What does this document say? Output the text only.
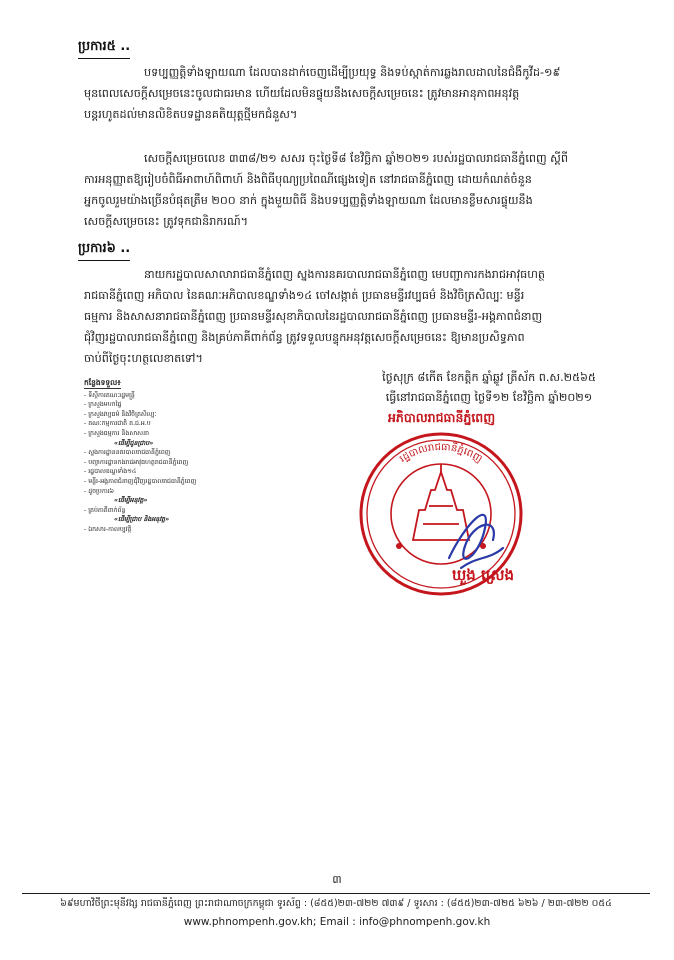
ប្រការ៥ ..
បទប្បញ្ញត្តិទាំងឡាយណា ដែលបានដាក់ចេញដើម្បីប្រយុទ្ធ និងទប់ស្កាត់ការឆ្លងរាលដាលនៃជំងឺកូវីដ-១៩
មុនពេលសេចក្តីសម្រេចនេះចូលជាធរមាន ហើយដែលមិនផ្ទុយនឹងសេចក្តីសម្រេចនេះ ត្រូវមានអានុភាពអនុវត្ត
បន្តរហូតដល់មានលិខិតបទដ្ឋានគតិយុត្តថ្មីមកជំនួស។
សេចក្តីសម្រេចលេខ ៣៣៨/២១ សសរ ចុះថ្ងៃទី៨ ខែវិច្ឆិកា ឆ្នាំ២០២១ របស់រដ្ឋបាលរាជធានីភ្នំពេញ ស្តីពី
ការអនុញ្ញាតឱ្យរៀបចំពិធីអាពាហ៍ពិពាហ៍ និងពិធីបុណ្យប្រពៃណីផ្សេងទៀត នៅរាជធានីភ្នំពេញ ដោយកំណត់ចំនួន
អ្នកចូលរួមយ៉ាងច្រើនបំផុតត្រឹម ២០០ នាក់ ក្នុងមួយពិធី និងបទប្បញ្ញត្តិទាំងឡាយណា ដែលមានខ្លឹមសារផ្ទុយនឹង
សេចក្តីសម្រេចនេះ ត្រូវទុកជានិរាករណ៍។
ប្រការ៦ ..
នាយករដ្ឋបាលសាលារាជធានីភ្នំពេញ ស្នងការនគរបាលរាជធានីភ្នំពេញ មេបញ្ជាការកងរាជអាវុធហត្ថ
រាជធានីភ្នំពេញ អភិបាល នៃគណៈអភិបាលខណ្ឌទាំង១៤ ចៅសង្កាត់ ប្រធានមន្ទីរវប្បធម៌ និងវិចិត្រសិល្បៈ មន្ទីរ
ធម្មការ និងសាសនារាជធានីភ្នំពេញ ប្រធានមន្ទីរសុខាភិបាលនៃរដ្ឋបាលរាជធានីភ្នំពេញ ប្រធានមន្ទីរ-អង្គភាពជំនាញ
ជុំវិញរដ្ឋបាលរាជធានីភ្នំពេញ និងគ្រប់ភាគីពាក់ព័ន្ធ ត្រូវទទួលបន្ទុកអនុវត្តសេចក្តីសម្រេចនេះ ឱ្យមានប្រសិទ្ធភាព
ចាប់ពីថ្ងៃចុះហត្ថលេខាតទៅ។
ថ្ងៃសុក្រ ៨កើត ខែកត្តិក ឆ្នាំឆ្លូវ ត្រីស័ក ព.ស.២៥៦៥
ធ្វើនៅរាជធានីភ្នំពេញ ថ្ងៃទី១២ ខែវិច្ឆិកា ឆ្នាំ២០២១
អភិបាលរាជធានីភ្នំពេញ
រដ្ឋបាលរាជធានីភ្នំពេញ
ឃួង ស្រេង
កន្លែងទទួល៖
- ទីស្តីការគណៈរដ្ឋមន្ត្រី
- ក្រសួងមហាផ្ទៃ
- ក្រសួងវប្បធម៌ និងវិចិត្រសិល្បៈ
- គណៈកម្មការជាតិ គ.ជ.អ.ប
- ក្រសួងធម្មការ និងសាសនា
«ដើម្បីជូនជ្រាប»
- ស្នងការដ្ឋាននគរបាលរាជធានីភ្នំពេញ
- បញ្ជាការដ្ឋានកងរាជអាវុធហត្ថរាជធានីភ្នំពេញ
- រដ្ឋបាលខណ្ឌទាំង១៤
- មន្ទីរ-អង្គភាពជំនាញជុំវិញរដ្ឋបាលរាជធានីភ្នំពេញ
- ដូចប្រការ៦
«ដើម្បីអនុវត្ត»
- គ្រប់ភាគីពាក់ព័ន្ធ
«ដើម្បីជ្រាប និងអនុវត្ត»
- ឯកសារ-កាលប្បវត្តិ
៣
៦៩មហាវិថីព្រះមុនីវង្ស រាជធានីភ្នំពេញ ព្រះរាជាណាចក្រកម្ពុជា ទូរស័ព្ទ : (៨៥៥)២៣-៧២២ ៧៣៩ / ទូរសារ : (៨៥៥)២៣-៧២៥ ៦២៦ / ២៣-៧២២ ០៥៤
www.phnompenh.gov.kh; Email : info@phnompenh.gov.kh
